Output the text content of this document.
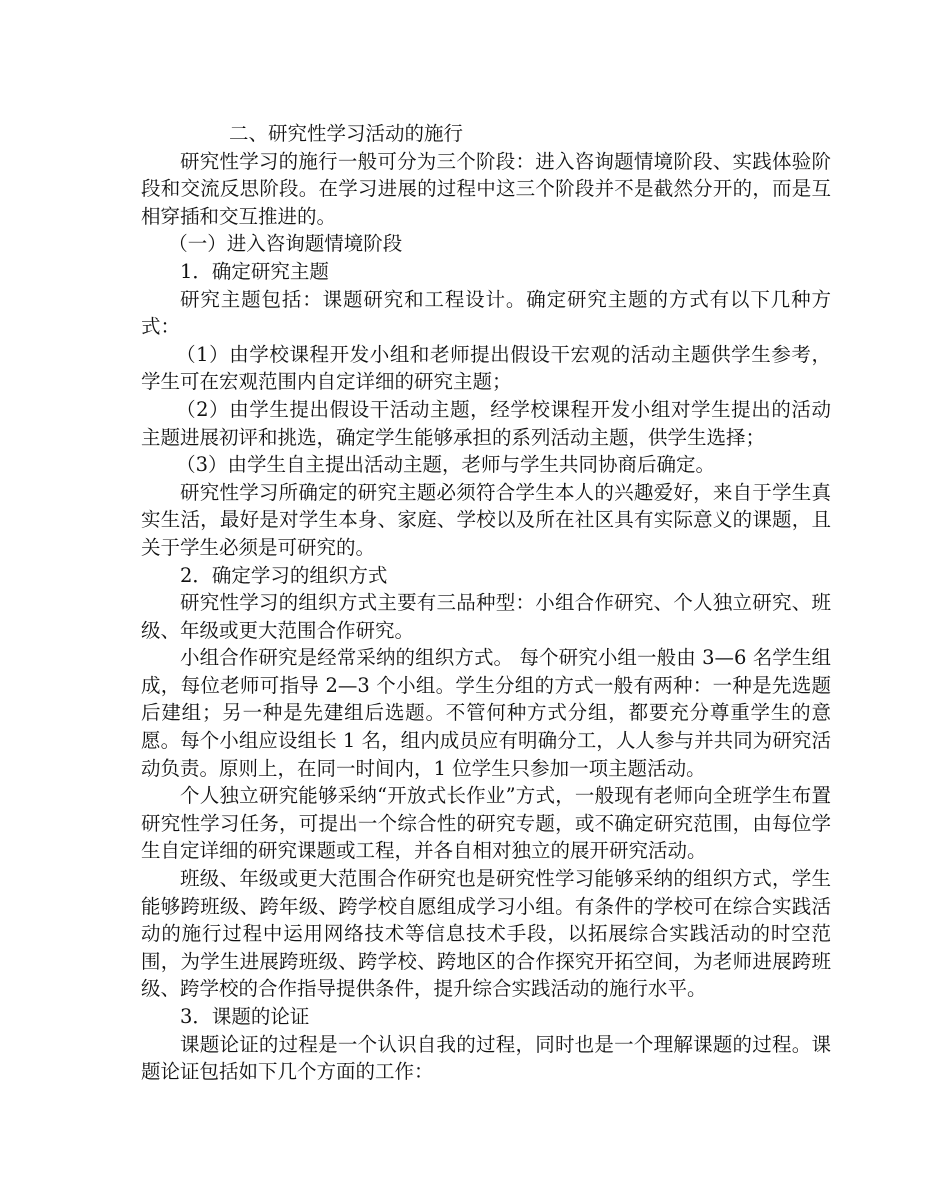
二、研究性学习活动的施行

研究性学习的施行一般可分为三个阶段：进入咨询题情境阶段、实践体验阶段和交流反思阶段。在学习进展的过程中这三个阶段并不是截然分开的，而是互相穿插和交互推进的。

（一）进入咨询题情境阶段

1．确定研究主题

研究主题包括：课题研究和工程设计。确定研究主题的方式有以下几种方式：

（1）由学校课程开发小组和老师提出假设干宏观的活动主题供学生参考，学生可在宏观范围内自定详细的研究主题；

（2）由学生提出假设干活动主题，经学校课程开发小组对学生提出的活动主题进展初评和挑选，确定学生能够承担的系列活动主题，供学生选择；

（3）由学生自主提出活动主题，老师与学生共同协商后确定。

研究性学习所确定的研究主题必须符合学生本人的兴趣爱好，来自于学生真实生活，最好是对学生本身、家庭、学校以及所在社区具有实际意义的课题，且关于学生必须是可研究的。

2．确定学习的组织方式

研究性学习的组织方式主要有三品种型：小组合作研究、个人独立研究、班级、年级或更大范围合作研究。

小组合作研究是经常采纳的组织方式。 每个研究小组一般由 3—6 名学生组成，每位老师可指导 2—3 个小组。学生分组的方式一般有两种：一种是先选题后建组；另一种是先建组后选题。不管何种方式分组，都要充分尊重学生的意愿。每个小组应设组长 1 名，组内成员应有明确分工，人人参与并共同为研究活动负责。原则上，在同一时间内，1 位学生只参加一项主题活动。

个人独立研究能够采纳“开放式长作业”方式，一般现有老师向全班学生布置研究性学习任务，可提出一个综合性的研究专题，或不确定研究范围，由每位学生自定详细的研究课题或工程，并各自相对独立的展开研究活动。

班级、年级或更大范围合作研究也是研究性学习能够采纳的组织方式，学生能够跨班级、跨年级、跨学校自愿组成学习小组。有条件的学校可在综合实践活动的施行过程中运用网络技术等信息技术手段，以拓展综合实践活动的时空范围，为学生进展跨班级、跨学校、跨地区的合作探究开拓空间，为老师进展跨班级、跨学校的合作指导提供条件，提升综合实践活动的施行水平。

3．课题的论证

课题论证的过程是一个认识自我的过程，同时也是一个理解课题的过程。课题论证包括如下几个方面的工作：
